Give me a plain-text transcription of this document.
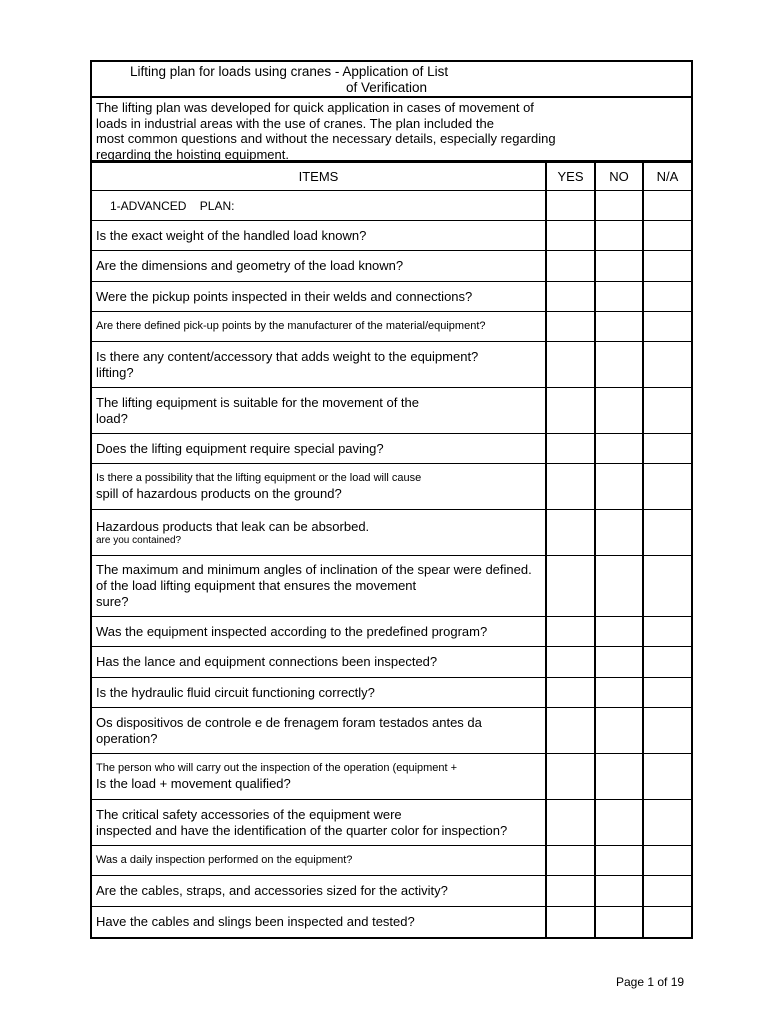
Lifting plan for loads using cranes - Application of List
of Verification
The lifting plan was developed for quick application in cases of movement of
loads in industrial areas with the use of cranes. The plan included the
most common questions and without the necessary details, especially regarding
regarding the hoisting equipment.
ITEMS	YES	NO	N/A
1-ADVANCED    PLAN:			

Is the exact weight of the handled load known?			

Are the dimensions and geometry of the load known?			

Were the pickup points inspected in their welds and connections?			

Are there defined pick-up points by the manufacturer of the material/equipment?			

Is there any content/accessory that adds weight to the equipment?
lifting?			

The lifting equipment is suitable for the movement of the
load?			

Does the lifting equipment require special paving?			

Is there a possibility that the lifting equipment or the load will cause
spill of hazardous products on the ground?			

Hazardous products that leak can be absorbed.
are you contained?			

The maximum and minimum angles of inclination of the spear were defined.
of the load lifting equipment that ensures the movement
sure?			

Was the equipment inspected according to the predefined program?			

Has the lance and equipment connections been inspected?			

Is the hydraulic fluid circuit functioning correctly?			

Os dispositivos de controle e de frenagem foram testados antes da
operation?			

The person who will carry out the inspection of the operation (equipment +
Is the load + movement qualified?			

The critical safety accessories of the equipment were
inspected and have the identification of the quarter color for inspection?			

Was a daily inspection performed on the equipment?			

Are the cables, straps, and accessories sized for the activity?			

Have the cables and slings been inspected and tested?			

Page 1 of 19
